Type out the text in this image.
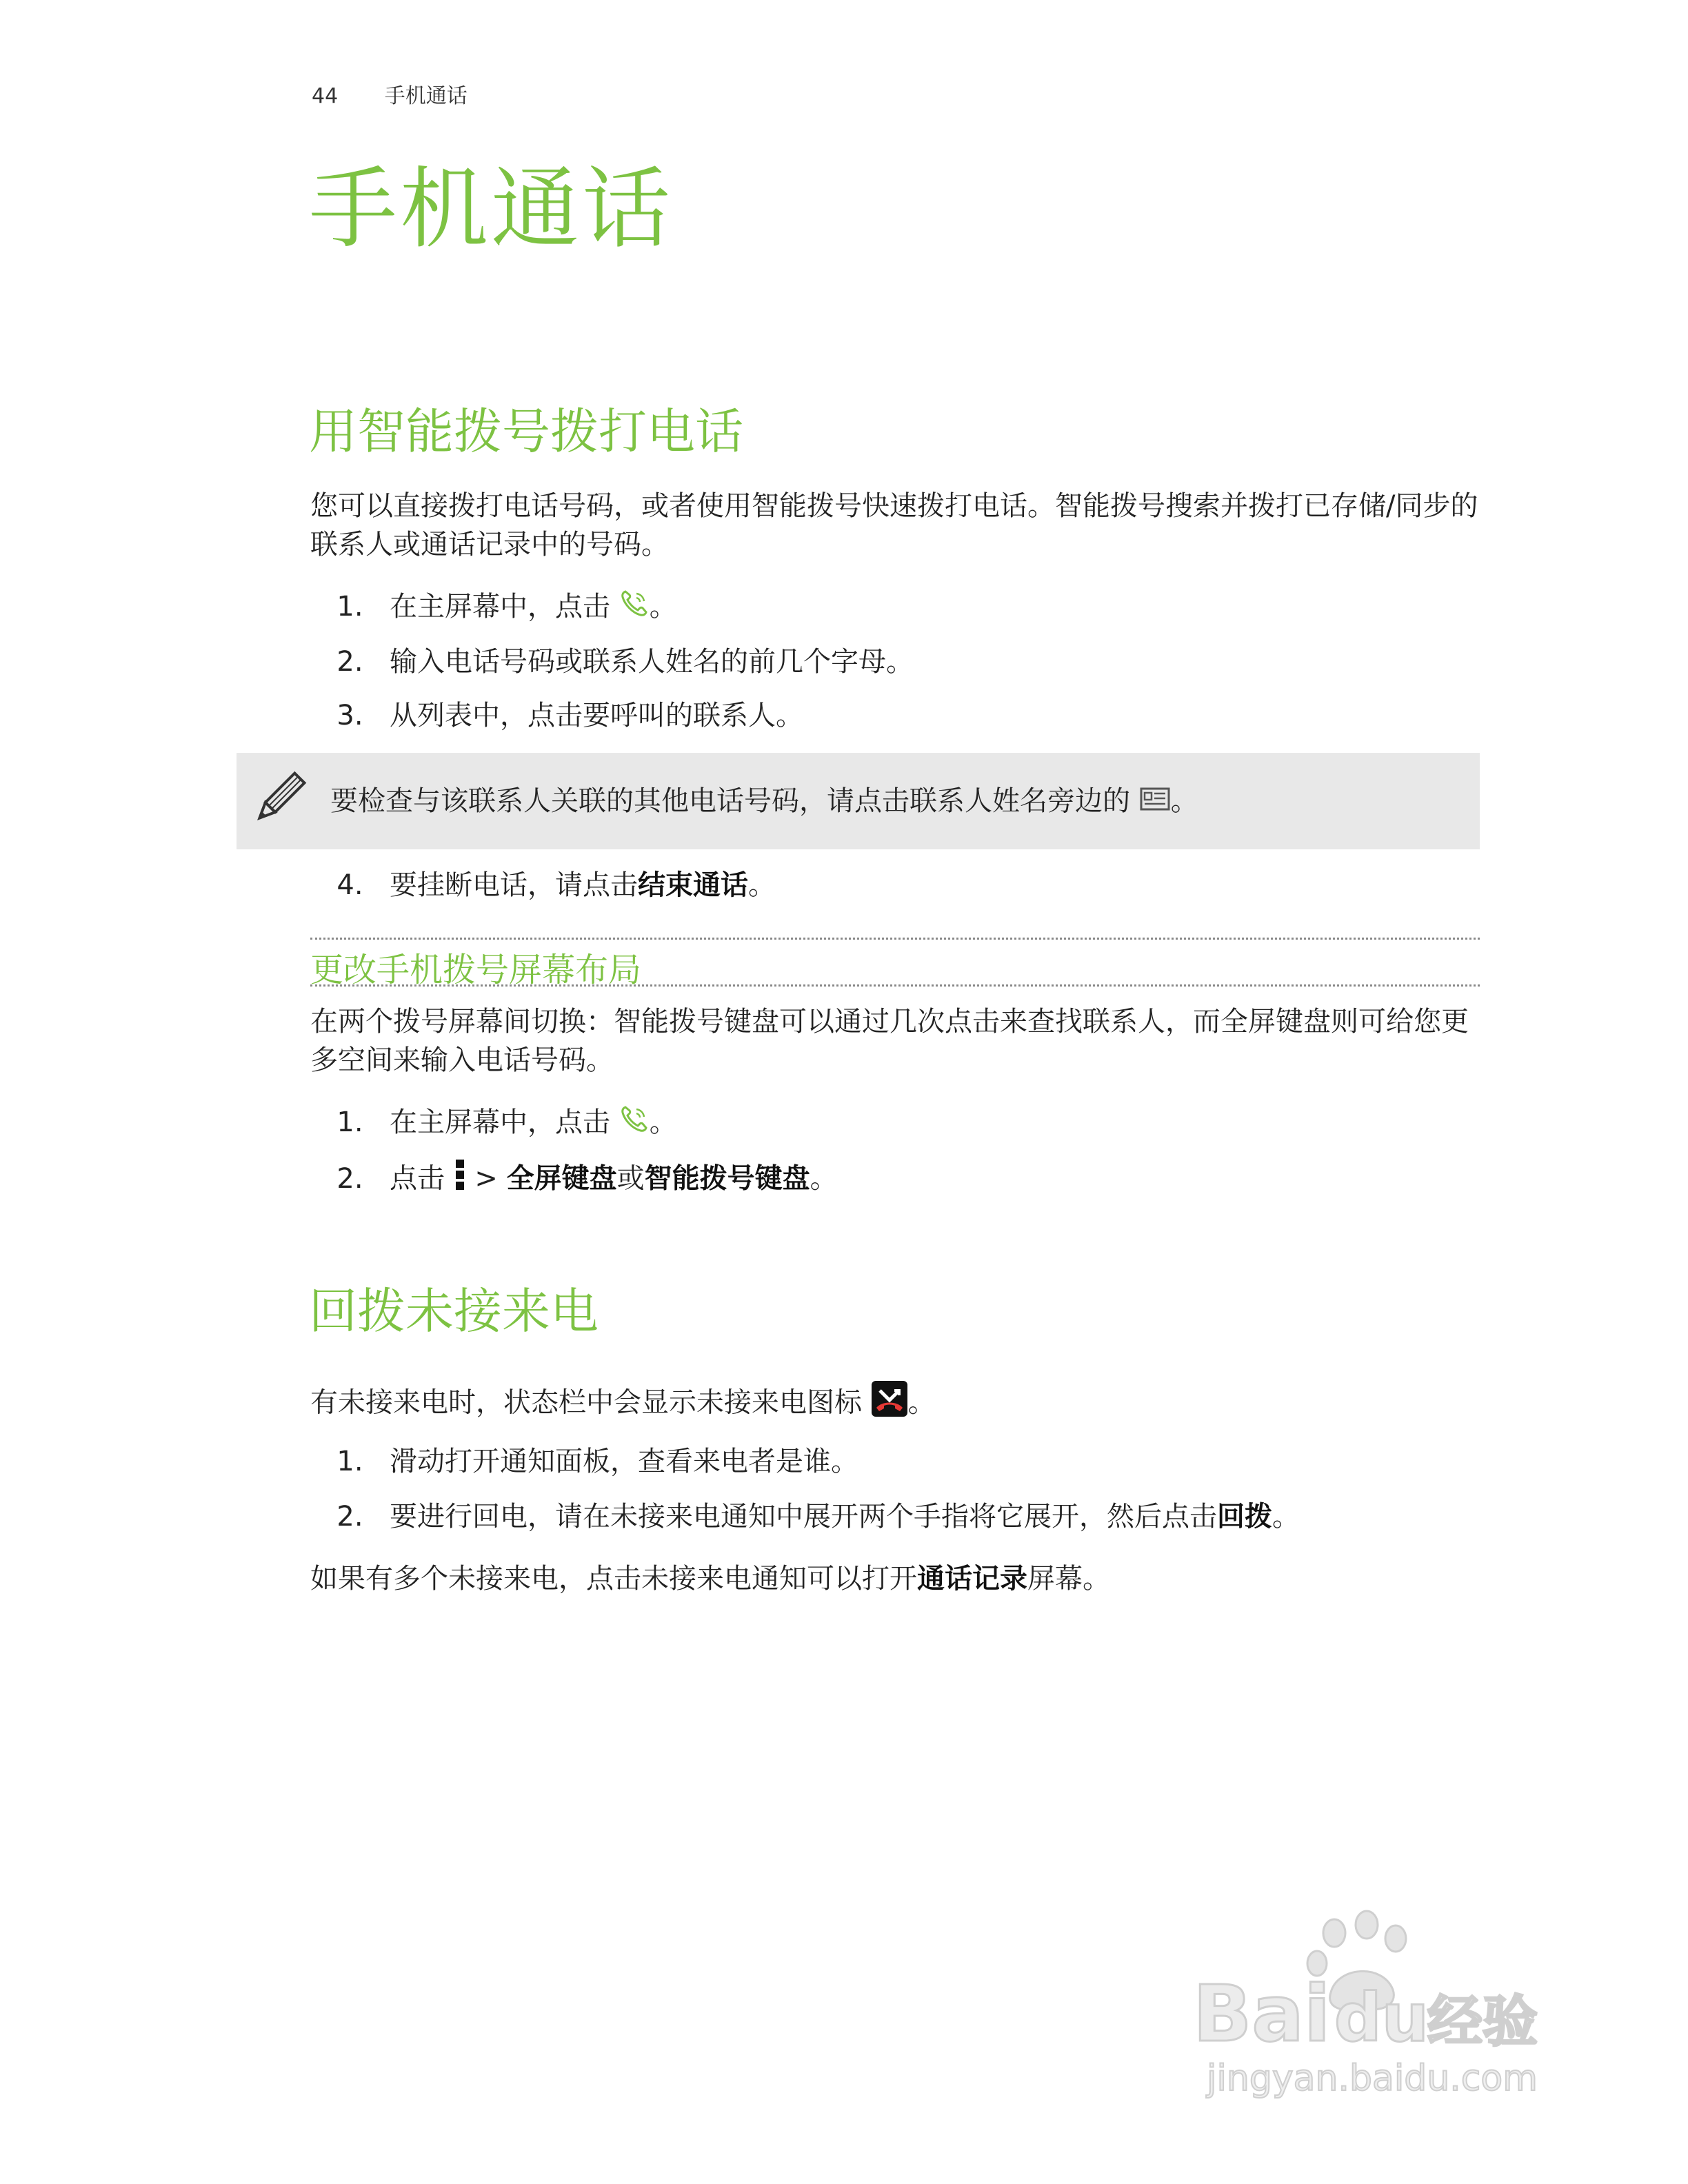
44 手机通话
手机通话
用智能拨号拨打电话
您可以直接拨打电话号码，或者使用智能拨号快速拨打电话。智能拨号搜索并拨打已存储/同步的
联系人或通话记录中的号码。
1. 在主屏幕中，点击 。
2. 输入电话号码或联系人姓名的前几个字母。
3. 从列表中，点击要呼叫的联系人。
要检查与该联系人关联的其他电话号码，请点击联系人姓名旁边的 。
4. 要挂断电话，请点击结束通话。
更改手机拨号屏幕布局
在两个拨号屏幕间切换：智能拨号键盘可以通过几次点击来查找联系人，而全屏键盘则可给您更
多空间来输入电话号码。
1. 在主屏幕中，点击 。
2. 点击  > 全屏键盘或智能拨号键盘。
回拨未接来电
有未接来电时，状态栏中会显示未接来电图标 。
1. 滑动打开通知面板，查看来电者是谁。
2. 要进行回电，请在未接来电通知中展开两个手指将它展开，然后点击回拨。
如果有多个未接来电，点击未接来电通知可以打开通话记录屏幕。
Bai du
经验
jingyan.baidu.com
